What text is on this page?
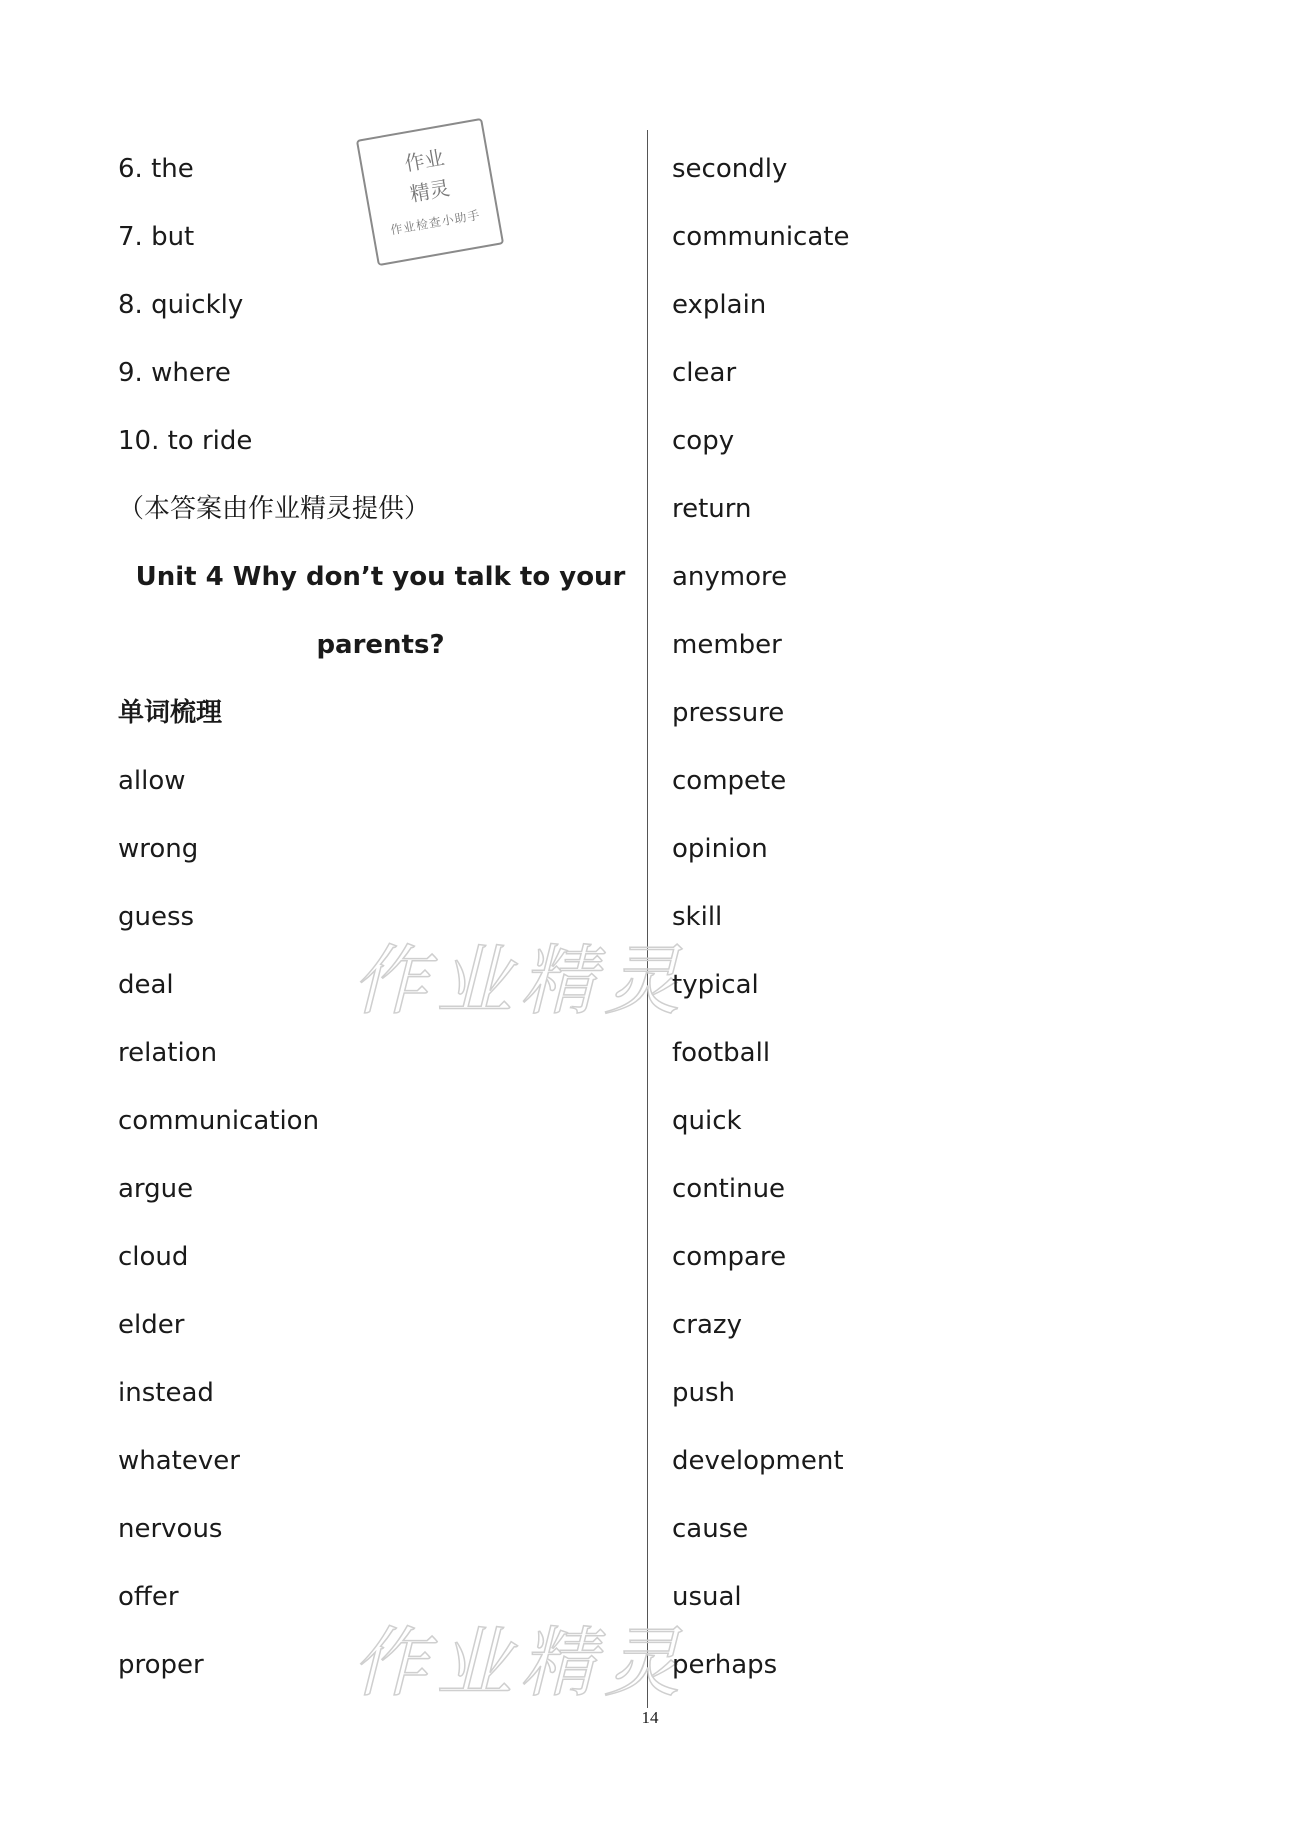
作业
精灵
作业检查小助手
作业精灵
作业精灵
6. the
7. but
8. quickly
9. where
10. to ride
（本答案由作业精灵提供）
Unit 4 Why don’t you talk to your
parents?
单词梳理
allow
wrong
guess
deal
relation
communication
argue
cloud
elder
instead
whatever
nervous
offer
proper
secondly
communicate
explain
clear
copy
return
anymore
member
pressure
compete
opinion
skill
typical
football
quick
continue
compare
crazy
push
development
cause
usual
perhaps
14
